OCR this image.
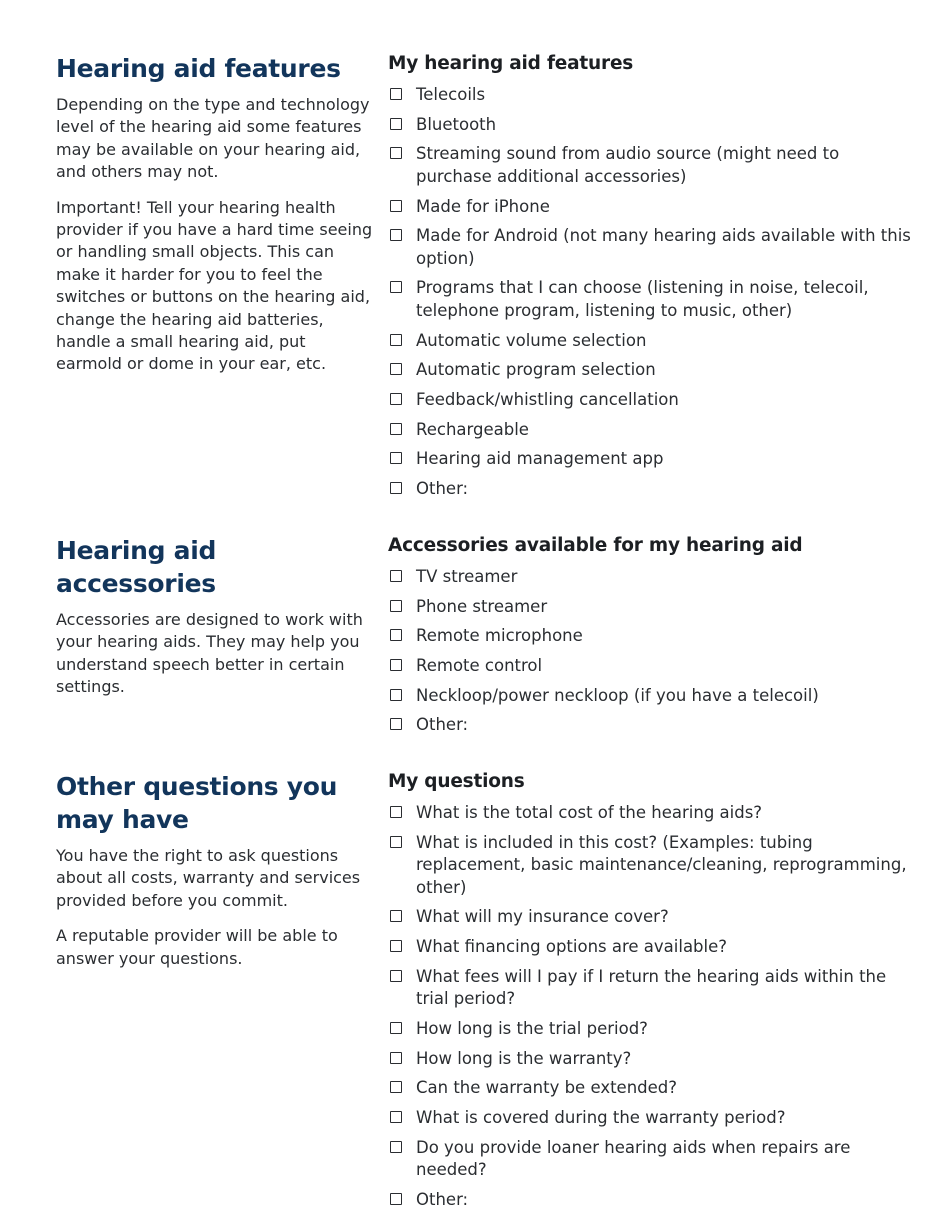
Hearing aid features

Depending on the type and technology level of the hearing aid some features may be available on your hearing aid, and others may not.

Important! Tell your hearing health provider if you have a hard time seeing or handling small objects. This can make it harder for you to feel the switches or buttons on the hearing aid, change the hearing aid batteries, handle a small hearing aid, put earmold or dome in your ear, etc.

My hearing aid features
Telecoils
Bluetooth
Streaming sound from audio source (might need to purchase additional accessories)
Made for iPhone
Made for Android (not many hearing aids available with this option)
Programs that I can choose (listening in noise, telecoil, telephone program, listening to music, other)
Automatic volume selection
Automatic program selection
Feedback/whistling cancellation
Rechargeable
Hearing aid management app
Other:
Hearing aid accessories

Accessories are designed to work with your hearing aids. They may help you understand speech better in certain settings.

Accessories available for my hearing aid
TV streamer
Phone streamer
Remote microphone
Remote control
Neckloop/power neckloop (if you have a telecoil)
Other:
Other questions you may have

You have the right to ask questions about all costs, warranty and services provided before you commit.

A reputable provider will be able to answer your questions.

My questions
What is the total cost of the hearing aids?
What is included in this cost? (Examples: tubing replacement, basic maintenance/cleaning, reprogramming, other)
What will my insurance cover?
What financing options are available?
What fees will I pay if I return the hearing aids within the trial period?
How long is the trial period?
How long is the warranty?
Can the warranty be extended?
What is covered during the warranty period?
Do you provide loaner hearing aids when repairs are needed?
Other:
